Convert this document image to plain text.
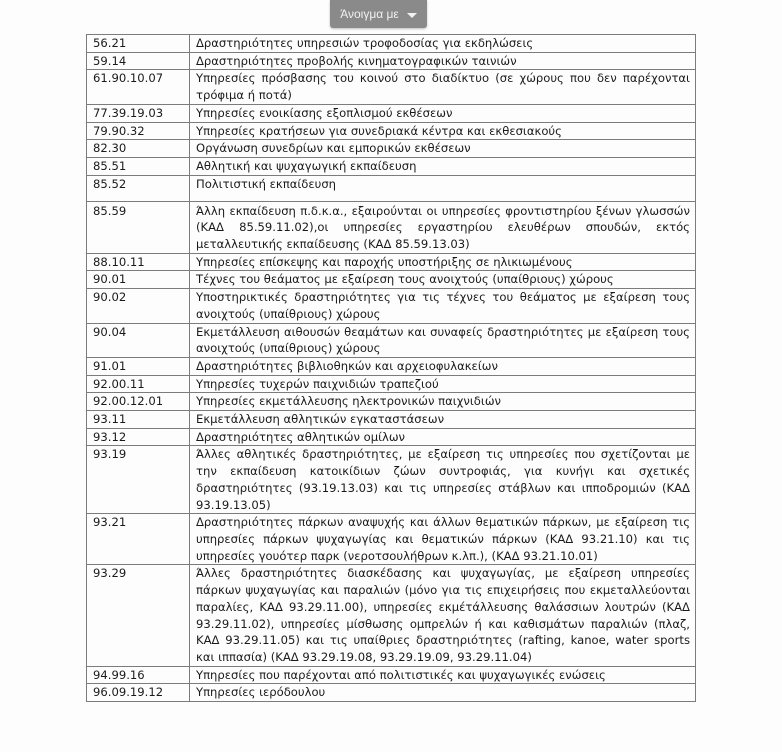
Άνοιγμα με
56.21	Δραστηριότητες υπηρεσιών τροφοδοσίας για εκδηλώσεις
59.14	Δραστηριότητες προβολής κινηματογραφικών ταινιών
61.90.10.07	Υπηρεσίες πρόσβασης του κοινού στο διαδίκτυο (σε χώρους που δεν παρέχονται τρόφιμα ή ποτά)
77.39.19.03	Υπηρεσίες ενοικίασης εξοπλισμού εκθέσεων
79.90.32	Υπηρεσίες κρατήσεων για συνεδριακά κέντρα και εκθεσιακούς
82.30	Οργάνωση συνεδρίων και εμπορικών εκθέσεων
85.51	Αθλητική και ψυχαγωγική εκπαίδευση
85.52	Πολιτιστική εκπαίδευση
85.59	Άλλη εκπαίδευση π.δ.κ.α., εξαιρούνται οι υπηρεσίες φροντιστηρίου ξένων γλωσσών (ΚΑΔ 85.59.11.02),οι υπηρεσίες εργαστηρίου ελευθέρων σπουδών, εκτός μεταλλευτικής εκπαίδευσης (ΚΑΔ 85.59.13.03)
88.10.11	Υπηρεσίες επίσκεψης και παροχής υποστήριξης σε ηλικιωμένους
90.01	Τέχνες του θεάματος με εξαίρεση τους ανοιχτούς (υπαίθριους) χώρους
90.02	Υποστηρικτικές δραστηριότητες για τις τέχνες του θεάματος με εξαίρεση τους ανοιχτούς (υπαίθριους) χώρους
90.04	Εκμετάλλευση αιθουσών θεαμάτων και συναφείς δραστηριότητες με εξαίρεση τους ανοιχτούς (υπαίθριους) χώρους
91.01	Δραστηριότητες βιβλιοθηκών και αρχειοφυλακείων
92.00.11	Υπηρεσίες τυχερών παιχνιδιών τραπεζιού
92.00.12.01	Υπηρεσίες εκμετάλλευσης ηλεκτρονικών παιχνιδιών
93.11	Εκμετάλλευση αθλητικών εγκαταστάσεων
93.12	Δραστηριότητες αθλητικών ομίλων
93.19	Άλλες αθλητικές δραστηριότητες, με εξαίρεση τις υπηρεσίες που σχετίζονται με την εκπαίδευση κατοικίδιων ζώων συντροφιάς, για κυνήγι και σχετικές δραστηριότητες (93.19.13.03) και τις υπηρεσίες στάβλων και ιπποδρομιών (ΚΑΔ 93.19.13.05)
93.21	Δραστηριότητες πάρκων αναψυχής και άλλων θεματικών πάρκων, με εξαίρεση τις υπηρεσίες πάρκων ψυχαγωγίας και θεματικών πάρκων (ΚΑΔ 93.21.10) και τις υπηρεσίες γουότερ παρκ (νεροτσουλήθρων κ.λπ.), (ΚΑΔ 93.21.10.01)
93.29	Άλλες δραστηριότητες διασκέδασης και ψυχαγωγίας, με εξαίρεση υπηρεσίες πάρκων ψυχαγωγίας και παραλιών (μόνο για τις επιχειρήσεις που εκμεταλλεύονται παραλίες, ΚΑΔ 93.29.11.00), υπηρεσίες εκμέτάλλευσης θαλάσσιων λουτρών (ΚΑΔ 93.29.11.02), υπηρεσίες μίσθωσης ομπρελών ή και καθισμάτων παραλιών (πλαζ, ΚΑΔ 93.29.11.05) και τις υπαίθριες δραστηριότητες (rafting, kanoe, water sports και ιππασία) (ΚΑΔ 93.29.19.08, 93.29.19.09, 93.29.11.04)
94.99.16	Υπηρεσίες που παρέχονται από πολιτιστικές και ψυχαγωγικές ενώσεις
96.09.19.12	Υπηρεσίες ιερόδουλου
